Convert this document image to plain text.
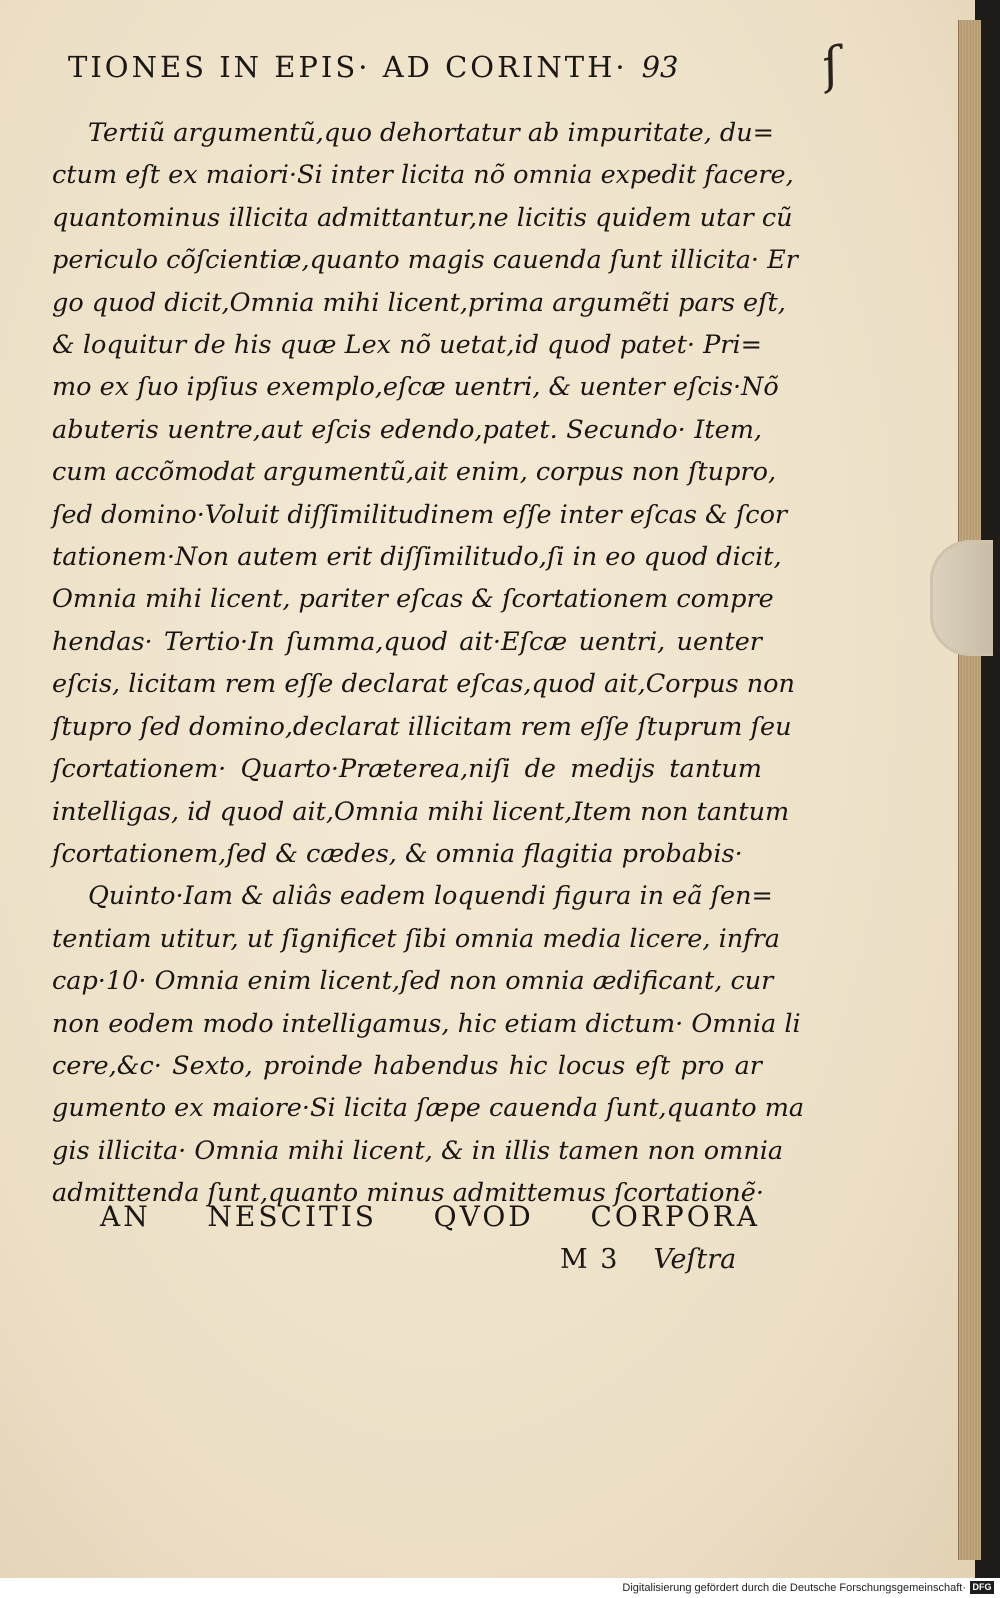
TIONES IN EPIS· AD CORINTH· 93	ſ
Tertiũ argumentũ,quo dehortatur ab impuritate, du=
ctum eſt ex maiori·Si inter licita nõ omnia expedit facere,
quantominus illicita admittantur,ne licitis quidem utar cũ
periculo cõſcientiæ,quanto magis cauenda ſunt illicita· Er
go quod dicit,Omnia mihi licent,prima argumẽti pars eſt,
& loquitur de his quæ Lex nõ uetat,id quod patet· Pri=
mo ex ſuo ipſius exemplo,eſcæ uentri, & uenter eſcis·Nõ
abuteris uentre,aut eſcis edendo,patet. Secundo· Item,
cum accõmodat argumentũ,ait enim, corpus non ſtupro,
ſed domino·Voluit diſſimilitudinem eſſe inter eſcas & ſcor
tationem·Non autem erit diſſimilitudo,ſi in eo quod dicit,
Omnia mihi licent, pariter eſcas & ſcortationem compre
hendas· Tertio·In ſumma,quod ait·Eſcæ uentri, uenter
eſcis, licitam rem eſſe declarat eſcas,quod ait,Corpus non
ſtupro ſed domino,declarat illicitam rem eſſe ſtuprum ſeu
ſcortationem· Quarto·Præterea,niſi de medijs tantum
intelligas, id quod ait,Omnia mihi licent,Item non tantum
ſcortationem,ſed & cædes, & omnia flagitia probabis·
Quinto·Iam & aliâs eadem loquendi figura in eã ſen=
tentiam utitur, ut ſignificet ſibi omnia media licere, infra
cap·10· Omnia enim licent,ſed non omnia ædificant, cur
non eodem modo intelligamus, hic etiam dictum· Omnia li
cere,&c· Sexto, proinde habendus hic locus eſt pro ar
gumento ex maiore·Si licita ſæpe cauenda ſunt,quanto ma
gis illicita· Omnia mihi licent, & in illis tamen non omnia
admittenda ſunt,quanto minus admittemus ſcortationẽ·
AN NESCITIS QVOD CORPORA
M 3 Veſtra
Digitalisierung gefördert durch die Deutsche Forschungsgemeinschaft· DFG
